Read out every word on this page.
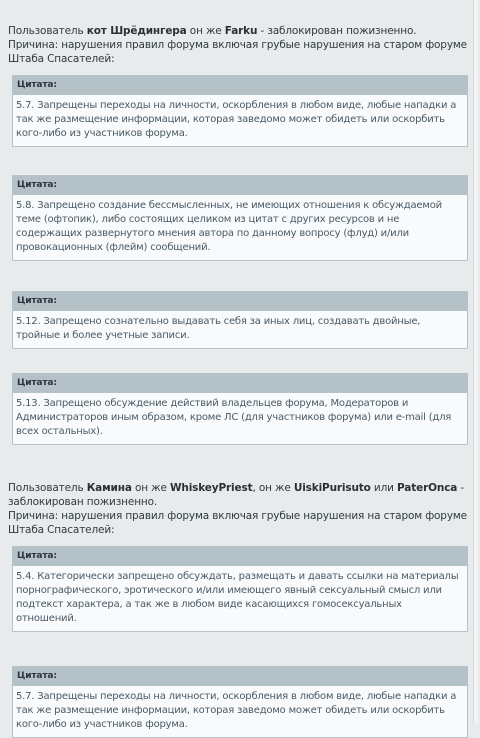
Пользователь кот Шрёдингера он же Farku - заблокирован пожизненно.

Причина: нарушения правил форума включая грубые нарушения на старом форуме Штаба Спасателей:

Цитата:
5.7. Запрещены переходы на личности, оскорбления в любом виде, любые нападки а так же размещение информации, которая заведомо может обидеть или оскорбить кого-либо из участников форума.
Цитата:
5.8. Запрещено создание бессмысленных, не имеющих отношения к обсуждаемой теме (офтопик), либо состоящих целиком из цитат с других ресурсов и не содержащих развернутого мнения автора по данному вопросу (флуд) и/или провокационных (флейм) сообщений.
Цитата:
5.12. Запрещено сознательно выдавать себя за иных лиц, создавать двойные, тройные и более учетные записи.
Цитата:
5.13. Запрещено обсуждение действий владельцев форума, Модераторов и Администраторов иным образом, кроме ЛС (для участников форума) или e-mail (для всех остальных).

Пользователь Камина он же WhiskeyPriest, он же UiskiPurisuto или PaterOnca - заблокирован пожизненно.

Причина: нарушения правил форума включая грубые нарушения на старом форуме Штаба Спасателей:

Цитата:
5.4. Категорически запрещено обсуждать, размещать и давать ссылки на материалы порнографического, эротического и/или имеющего явный сексуальный смысл или подтекст характера, а так же в любом виде касающихся гомосексуальных отношений.
Цитата:
5.7. Запрещены переходы на личности, оскорбления в любом виде, любые нападки а так же размещение информации, которая заведомо может обидеть или оскорбить кого-либо из участников форума.
